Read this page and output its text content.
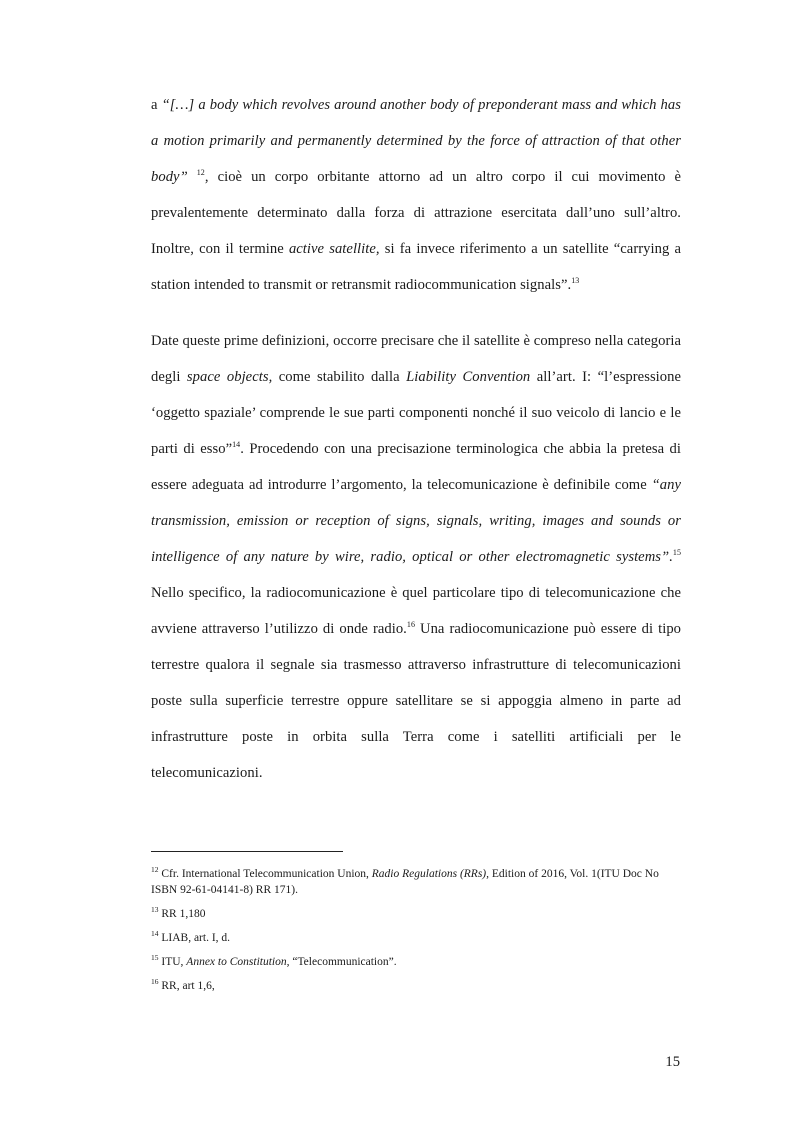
a “[…] a body which revolves around another body of preponderant mass and which has a motion primarily and permanently determined by the force of attraction of that other body” $^{12}$, cioè un corpo orbitante attorno ad un altro corpo il cui movimento è prevalentemente determinato dalla forza di attrazione esercitata dall’uno sull’altro. Inoltre, con il termine active satellite, si fa invece riferimento a un satellite “carrying a station intended to transmit or retransmit radiocommunication signals”.$^{13}$

Date queste prime definizioni, occorre precisare che il satellite è compreso nella categoria degli space objects, come stabilito dalla Liability Convention all’art. I: “l’espressione ‘oggetto spaziale’ comprende le sue parti componenti nonché il suo veicolo di lancio e le parti di esso”$^{14}$. Procedendo con una precisazione terminologica che abbia la pretesa di essere adeguata ad introdurre l’argomento, la telecomunicazione è definibile come “any transmission, emission or reception of signs, signals, writing, images and sounds or intelligence of any nature by wire, radio, optical or other electromagnetic systems”.$^{15}$ Nello specifico, la radiocomunicazione è quel particolare tipo di telecomunicazione che avviene attraverso l’utilizzo di onde radio.$^{16}$ Una radiocomunicazione può essere di tipo terrestre qualora il segnale sia trasmesso attraverso infrastrutture di telecomunicazioni poste sulla superficie terrestre oppure satellitare se si appoggia almeno in parte ad infrastrutture poste in orbita sulla Terra come i satelliti artificiali per le telecomunicazioni.

$^{12}$ Cfr. International Telecommunication Union, Radio Regulations (RRs), Edition of 2016, Vol. 1(ITU Doc No ISBN 92-61-04141-8) RR 171).

$^{13}$ RR 1,180

$^{14}$ LIAB, art. I, d.

$^{15}$ ITU, Annex to Constitution, “Telecommunication”.

$^{16}$ RR, art 1,6,

15
